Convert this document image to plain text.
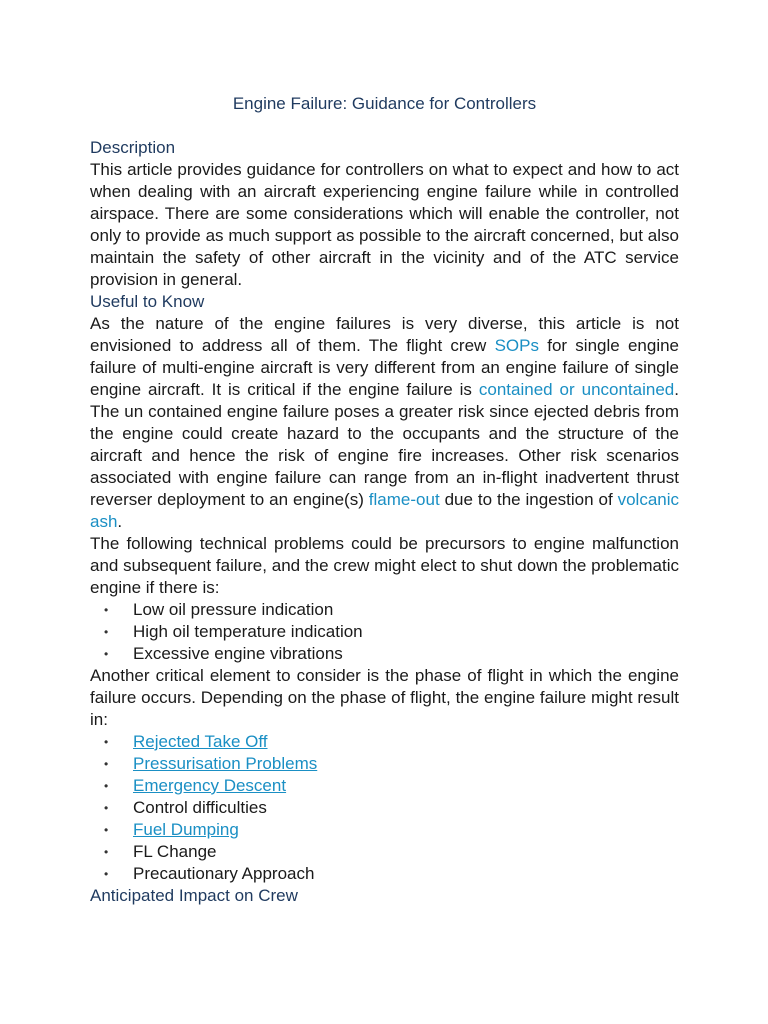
Engine Failure: Guidance for Controllers
Description

This article provides guidance for controllers on what to expect and how to act when dealing with an aircraft experiencing engine failure while in controlled airspace. There are some considerations which will enable the controller, not only to provide as much support as possible to the aircraft concerned, but also maintain the safety of other aircraft in the vicinity and of the ATC service provision in general.

Useful to Know

As the nature of the engine failures is very diverse, this article is not envisioned to address all of them. The flight crew SOPs for single engine failure of multi-engine aircraft is very different from an engine failure of single engine aircraft. It is critical if the engine failure is contained or uncontained. The un contained engine failure poses a greater risk since ejected debris from the engine could create hazard to the occupants and the structure of the aircraft and hence the risk of engine fire increases. Other risk scenarios associated with engine failure can range from an in-flight inadvertent thrust reverser deployment to an engine(s) flame-out due to the ingestion of volcanic ash.

The following technical problems could be precursors to engine malfunction and subsequent failure, and the crew might elect to shut down the problematic engine if there is:

• Low oil pressure indication
• High oil temperature indication
• Excessive engine vibrations

Another critical element to consider is the phase of flight in which the engine failure occurs. Depending on the phase of flight, the engine failure might result in:

• Rejected Take Off
• Pressurisation Problems
• Emergency Descent
• Control difficulties
• Fuel Dumping
• FL Change
• Precautionary Approach
Anticipated Impact on Crew
